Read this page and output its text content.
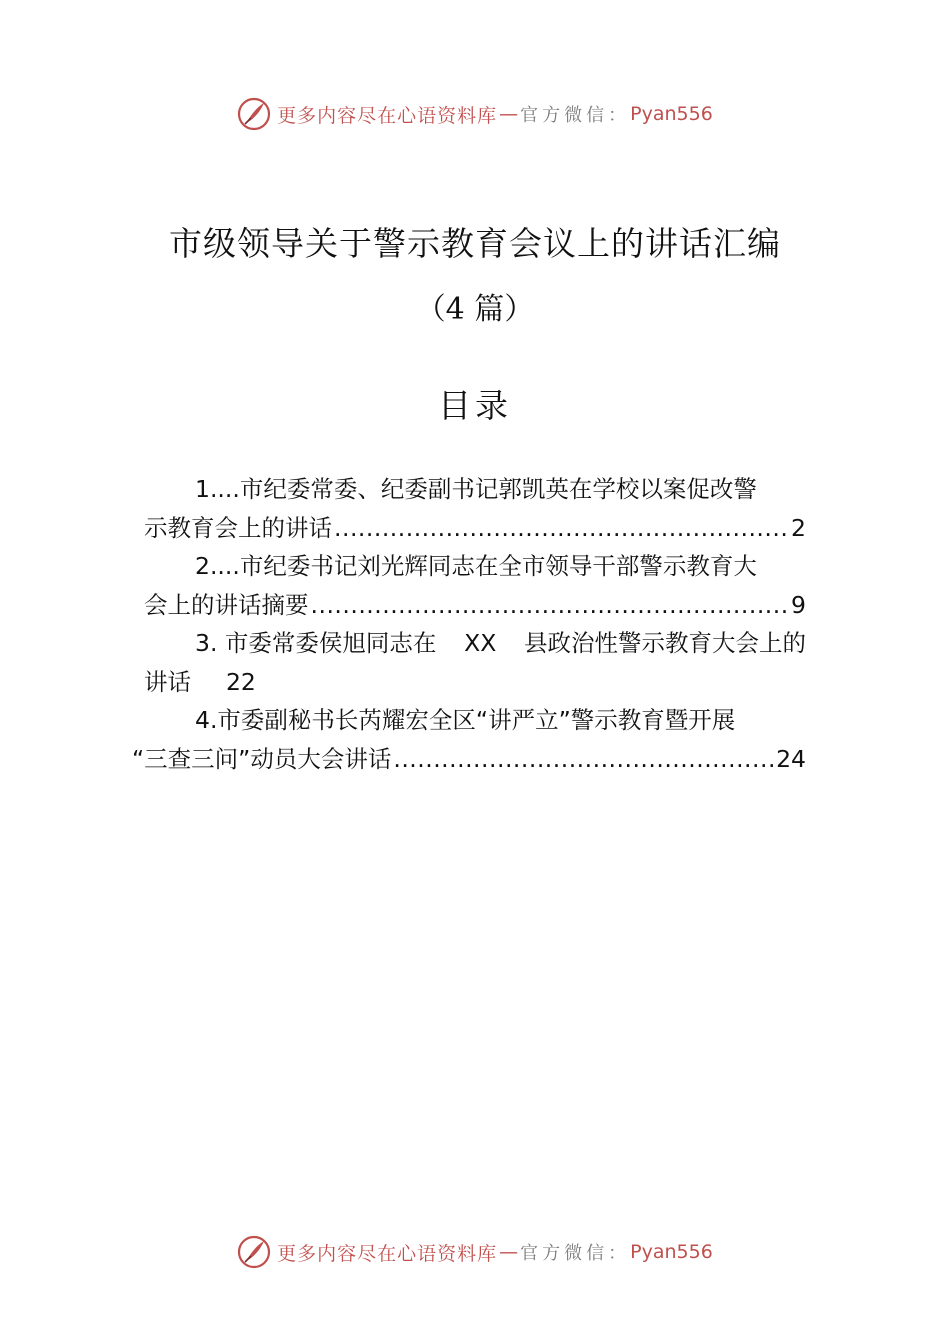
更多内容尽在心语资料库 — 官方微信： Pyan556
市级领导关于警示教育会议上的讲话汇编
（4 篇）
目录
1....市纪委常委、纪委副书记郭凯英在学校以案促改警
示教育会上的讲话 .....	2
2....市纪委书记刘光辉同志在全市领导干部警示教育大
会上的讲话摘要 .....	9
3. 市委常委侯旭同志在 XX 县政治性警示教育大会上的
讲话 22
4.市委副秘书长芮耀宏全区“讲严立”警示教育暨开展
“三查三问”动员大会讲话 .....	24
更多内容尽在心语资料库 — 官方微信： Pyan556
